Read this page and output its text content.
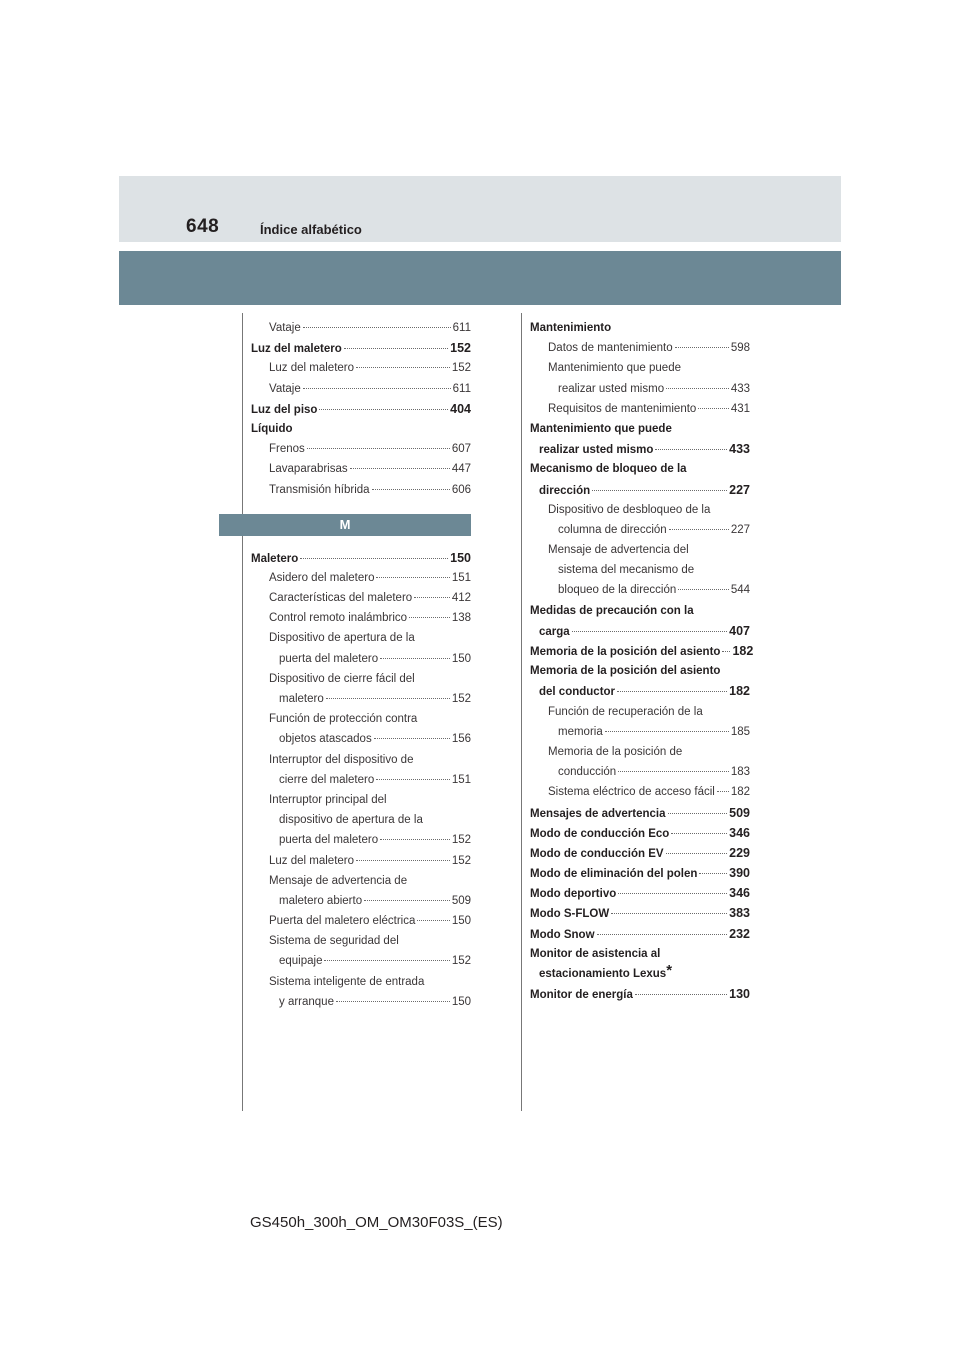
648	Índice alfabético
Vataje	611
Luz del maletero	152
Luz del maletero	152
Vataje	611
Luz del piso	404
Líquido
Frenos	607
Lavaparabrisas	447
Transmisión híbrida	606
M
Maletero	150
Asidero del maletero	151
Características del maletero	412
Control remoto inalámbrico	138
Dispositivo de apertura de la
puerta del maletero	150
Dispositivo de cierre fácil del
maletero	152
Función de protección contra
objetos atascados	156
Interruptor del dispositivo de
cierre del maletero	151
Interruptor principal del
dispositivo de apertura de la
puerta del maletero	152
Luz del maletero	152
Mensaje de advertencia de
maletero abierto	509
Puerta del maletero eléctrica	150
Sistema de seguridad del
equipaje	152
Sistema inteligente de entrada
y arranque	150
Mantenimiento
Datos de mantenimiento	598
Mantenimiento que puede
realizar usted mismo	433
Requisitos de mantenimiento	431
Mantenimiento que puede
realizar usted mismo	433
Mecanismo de bloqueo de la
dirección	227
Dispositivo de desbloqueo de la
columna de dirección	227
Mensaje de advertencia del
sistema del mecanismo de
bloqueo de la dirección	544
Medidas de precaución con la
carga	407
Memoria de la posición del asiento 182
Memoria de la posición del asiento
del conductor	182
Función de recuperación de la
memoria	185
Memoria de la posición de
conducción	183
Sistema eléctrico de acceso fácil 182
Mensajes de advertencia	509
Modo de conducción Eco	346
Modo de conducción EV	229
Modo de eliminación del polen	390
Modo deportivo	346
Modo S-FLOW	383
Modo Snow	232
Monitor de asistencia al
estacionamiento Lexus*
Monitor de energía	130
GS450h_300h_OM_OM30F03S_(ES)
